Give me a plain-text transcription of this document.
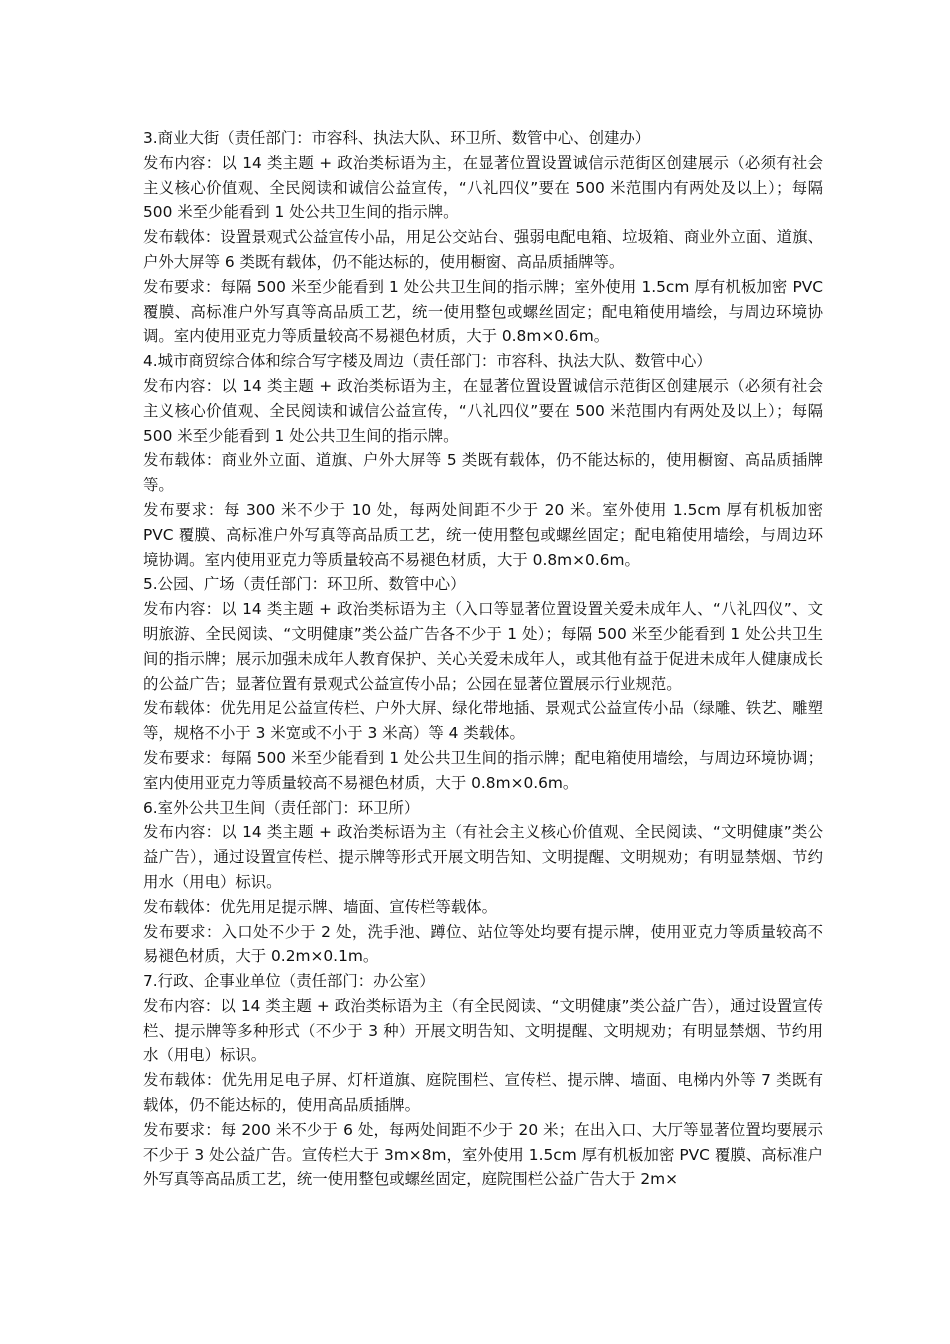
3.商业大街（责任部门：市容科、执法大队、环卫所、数管中心、创建办）

发布内容：以 14 类主题 + 政治类标语为主，在显著位置设置诚信示范街区创建展示（必须有社会主义核心价值观、全民阅读和诚信公益宣传，“八礼四仪”要在 500 米范围内有两处及以上）；每隔 500 米至少能看到 1 处公共卫生间的指示牌。

发布载体：设置景观式公益宣传小品，用足公交站台、强弱电配电箱、垃圾箱、商业外立面、道旗、户外大屏等 6 类既有载体，仍不能达标的，使用橱窗、高品质插牌等。

发布要求：每隔 500 米至少能看到 1 处公共卫生间的指示牌；室外使用 1.5cm 厚有机板加密 PVC 覆膜、高标准户外写真等高品质工艺，统一使用整包或螺丝固定；配电箱使用墙绘，与周边环境协调。室内使用亚克力等质量较高不易褪色材质，大于 0.8m×0.6m。

4.城市商贸综合体和综合写字楼及周边（责任部门：市容科、执法大队、数管中心）

发布内容：以 14 类主题 + 政治类标语为主，在显著位置设置诚信示范街区创建展示（必须有社会主义核心价值观、全民阅读和诚信公益宣传，“八礼四仪”要在 500 米范围内有两处及以上）；每隔 500 米至少能看到 1 处公共卫生间的指示牌。

发布载体：商业外立面、道旗、户外大屏等 5 类既有载体，仍不能达标的，使用橱窗、高品质插牌等。

发布要求：每 300 米不少于 10 处，每两处间距不少于 20 米。室外使用 1.5cm 厚有机板加密 PVC 覆膜、高标准户外写真等高品质工艺，统一使用整包或螺丝固定；配电箱使用墙绘，与周边环境协调。室内使用亚克力等质量较高不易褪色材质，大于 0.8m×0.6m。

5.公园、广场（责任部门：环卫所、数管中心）

发布内容：以 14 类主题 + 政治类标语为主（入口等显著位置设置关爱未成年人、“八礼四仪”、文明旅游、全民阅读、“文明健康”类公益广告各不少于 1 处）；每隔 500 米至少能看到 1 处公共卫生间的指示牌；展示加强未成年人教育保护、关心关爱未成年人，或其他有益于促进未成年人健康成长的公益广告；显著位置有景观式公益宣传小品；公园在显著位置展示行业规范。

发布载体：优先用足公益宣传栏、户外大屏、绿化带地插、景观式公益宣传小品（绿雕、铁艺、雕塑等，规格不小于 3 米宽或不小于 3 米高）等 4 类载体。

发布要求：每隔 500 米至少能看到 1 处公共卫生间的指示牌；配电箱使用墙绘，与周边环境协调；室内使用亚克力等质量较高不易褪色材质，大于 0.8m×0.6m。

6.室外公共卫生间（责任部门：环卫所）

发布内容：以 14 类主题 + 政治类标语为主（有社会主义核心价值观、全民阅读、“文明健康”类公益广告），通过设置宣传栏、提示牌等形式开展文明告知、文明提醒、文明规劝；有明显禁烟、节约用水（用电）标识。

发布载体：优先用足提示牌、墙面、宣传栏等载体。

发布要求：入口处不少于 2 处，洗手池、蹲位、站位等处均要有提示牌，使用亚克力等质量较高不易褪色材质，大于 0.2m×0.1m。

7.行政、企事业单位（责任部门：办公室）

发布内容：以 14 类主题 + 政治类标语为主（有全民阅读、“文明健康”类公益广告），通过设置宣传栏、提示牌等多种形式（不少于 3 种）开展文明告知、文明提醒、文明规劝；有明显禁烟、节约用水（用电）标识。

发布载体：优先用足电子屏、灯杆道旗、庭院围栏、宣传栏、提示牌、墙面、电梯内外等 7 类既有载体，仍不能达标的，使用高品质插牌。

发布要求：每 200 米不少于 6 处，每两处间距不少于 20 米；在出入口、大厅等显著位置均要展示不少于 3 处公益广告。宣传栏大于 3m×8m，室外使用 1.5cm 厚有机板加密 PVC 覆膜、高标准户外写真等高品质工艺，统一使用整包或螺丝固定，庭院围栏公益广告大于 2m×
